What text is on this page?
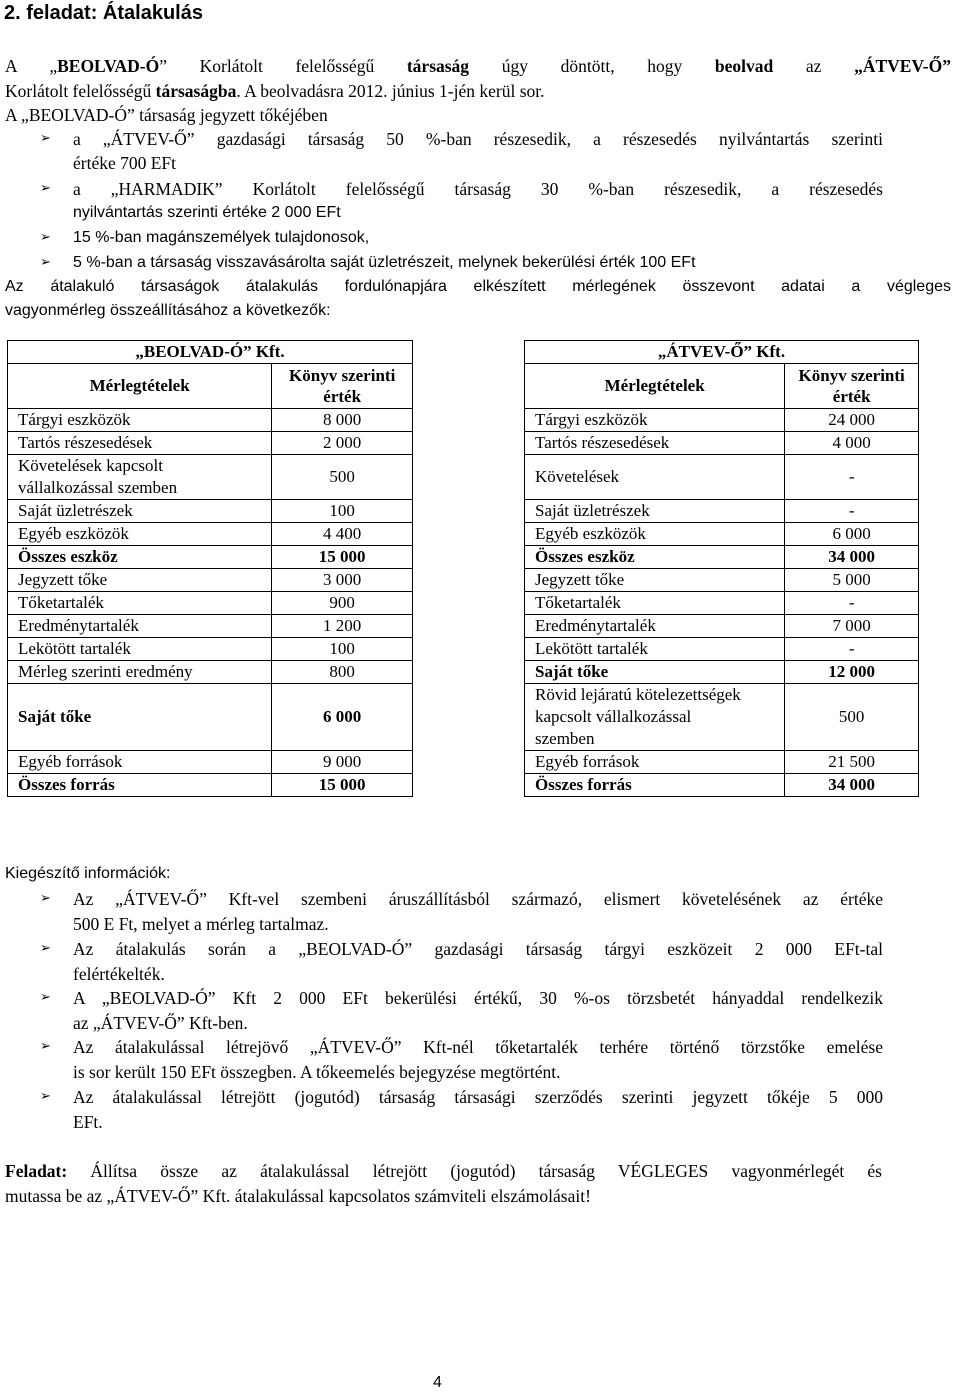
2. feladat: Átalakulás
A „BEOLVAD-Ó” Korlátolt felelősségű társaság úgy döntött, hogy beolvad az „ÁTVEV-Ő”
Korlátolt felelősségű társaságba. A beolvadásra 2012. június 1-jén kerül sor.
A „BEOLVAD-Ó” társaság jegyzett tőkéjében
➢ a „ÁTVEV-Ő” gazdasági társaság 50 %-ban részesedik, a részesedés nyilvántartás szerinti
értéke 700 EFt
➢ a „HARMADIK” Korlátolt felelősségű társaság 30 %-ban részesedik, a részesedés
nyilvántartás szerinti értéke 2 000 EFt
➢	15 %-ban magánszemélyek tulajdonosok,
➢	5 %-ban a társaság visszavásárolta saját üzletrészeit, melynek bekerülési érték 100 EFt
Az átalakuló társaságok átalakulás fordulónapjára elkészített mérlegének összevont adatai a végleges
vagyonmérleg összeállításához a következők:
„BEOLVAD-Ó” Kft.	
Mérlegtételek	Könyv szerinti
érték
Tárgyi eszközök	8 000
Tartós részesedések	2 000
Követelések kapcsolt
vállalkozással szemben	500
Saját üzletrészek	100
Egyéb eszközök	4 400
Összes eszköz	15 000
Jegyzett tőke	3 000
Tőketartalék	900
Eredménytartalék	1 200
Lekötött tartalék	100
Mérleg szerinti eredmény	800
Saját tőke	6 000
Egyéb források	9 000
Összes forrás	15 000
„ÁTVEV-Ő” Kft.	
Mérlegtételek	Könyv szerinti
érték
Tárgyi eszközök	24 000
Tartós részesedések	4 000
Követelések	-
Saját üzletrészek	-
Egyéb eszközök	6 000
Összes eszköz	34 000
Jegyzett tőke	5 000
Tőketartalék	-
Eredménytartalék	7 000
Lekötött tartalék	-
Saját tőke	12 000
Rövid lejáratú kötelezettségek
kapcsolt vállalkozással
szemben	500
Egyéb források	21 500
Összes forrás	34 000
Kiegészítő információk:
➢ Az „ÁTVEV-Ő” Kft-vel szembeni áruszállításból származó, elismert követelésének az értéke
500 E Ft, melyet a mérleg tartalmaz.
➢ Az átalakulás során a „BEOLVAD-Ó” gazdasági társaság tárgyi eszközeit 2 000 EFt-tal
felértékelték.
➢ A „BEOLVAD-Ó” Kft 2 000 EFt bekerülési értékű, 30 %-os törzsbetét hányaddal rendelkezik
az „ÁTVEV-Ő” Kft-ben.
➢ Az átalakulással létrejövő „ÁTVEV-Ő” Kft-nél tőketartalék terhére történő törzstőke emelése
is sor került 150 EFt összegben. A tőkeemelés bejegyzése megtörtént.
➢ Az átalakulással létrejött (jogutód) társaság társasági szerződés szerinti jegyzett tőkéje 5 000
EFt.
Feladat: Állítsa össze az átalakulással létrejött (jogutód) társaság VÉGLEGES vagyonmérlegét és
mutassa be az „ÁTVEV-Ő” Kft. átalakulással kapcsolatos számviteli elszámolásait!
4
